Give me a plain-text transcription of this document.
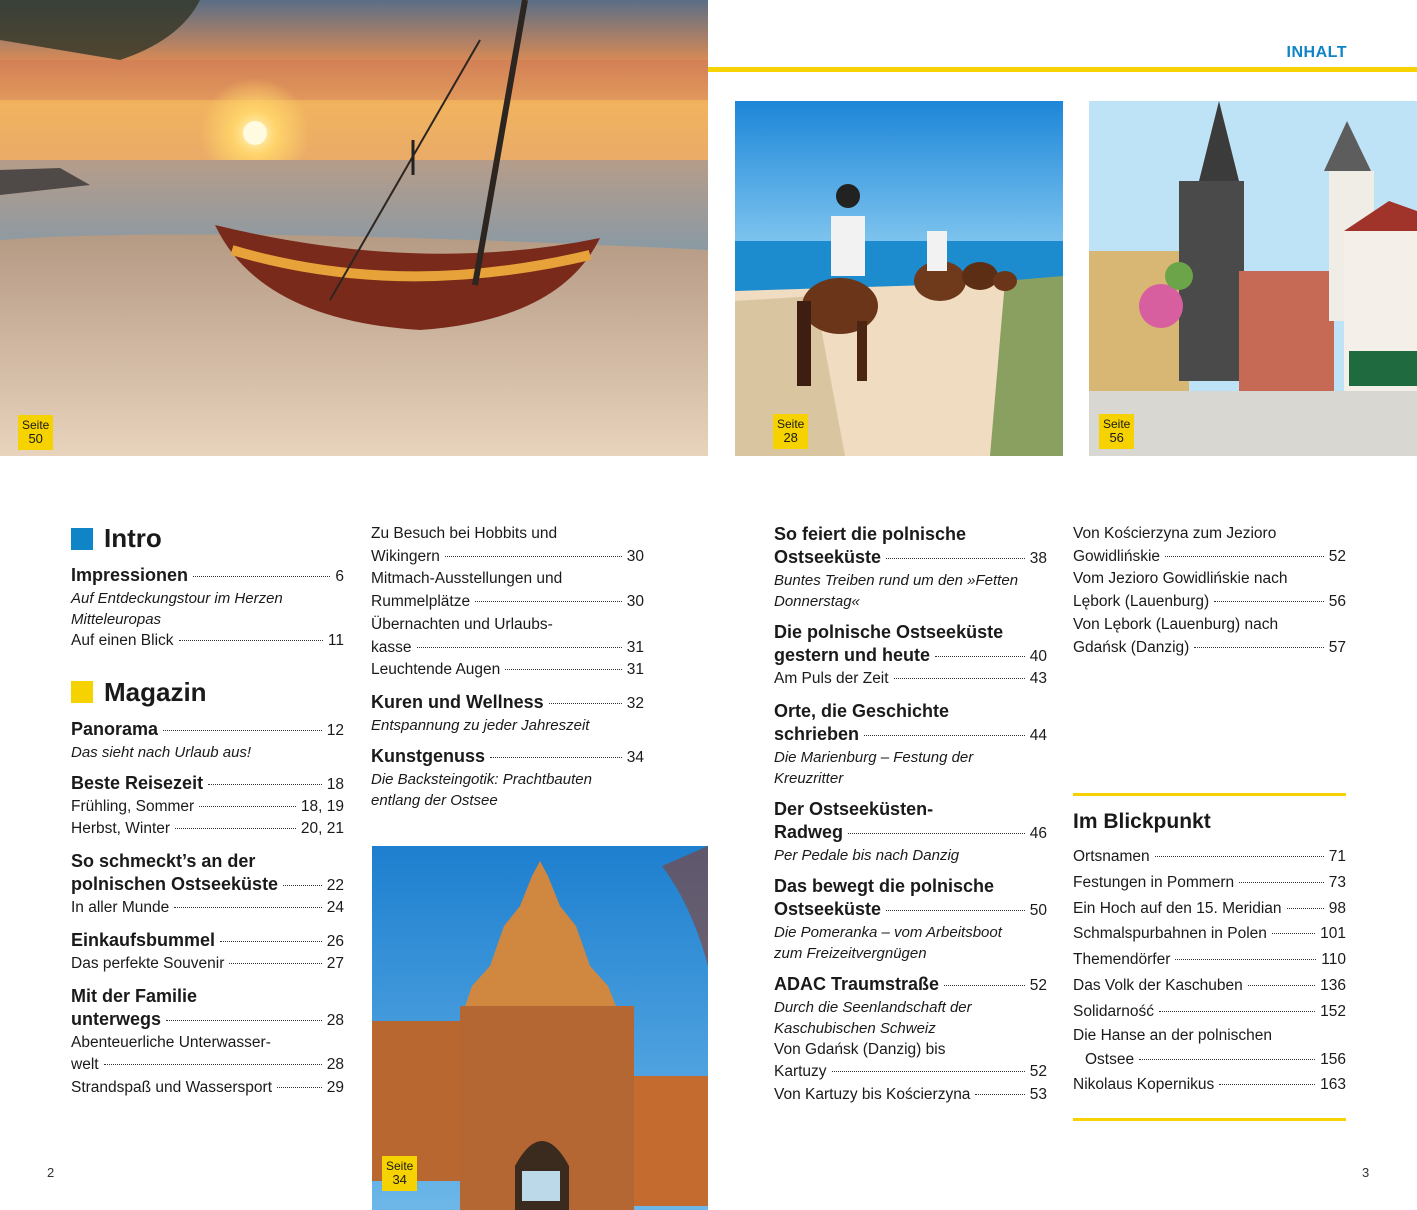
Seite
50
INHALT
Seite
28
Seite
56
Seite
34
Intro
Impressionen	6
Auf Entdeckungstour im Herzen Mitteleuropas
Auf einen Blick	11
Magazin
Panorama	12
Das sieht nach Urlaub aus!
Beste Reisezeit	18
Frühling, Sommer	18, 19
Herbst, Winter	20, 21
So schmeckt’s an der
polnischen Ostseeküste	22
In aller Munde	24
Einkaufsbummel	26
Das perfekte Souvenir	27
Mit der Familie
unterwegs	28
Abenteuerliche Unterwasser-
welt	28
Strandspaß und Wassersport	29
Zu Besuch bei Hobbits und
Wikingern	30
Mitmach-Ausstellungen und
Rummelplätze	30
Übernachten und Urlaubs-
kasse	31
Leuchtende Augen	31
Kuren und Wellness	32
Entspannung zu jeder Jahreszeit
Kunstgenuss	34
Die Backsteingotik: Prachtbauten
entlang der Ostsee
So feiert die polnische
Ostseeküste	38
Buntes Treiben rund um den »Fetten
Donnerstag«
Die polnische Ostseeküste
gestern und heute	40
Am Puls der Zeit	43
Orte, die Geschichte
schrieben	44
Die Marienburg – Festung der
Kreuzritter
Der Ostseeküsten-
Radweg	46
Per Pedale bis nach Danzig
Das bewegt die polnische
Ostseeküste	50
Die Pomeranka – vom Arbeitsboot
zum Freizeitvergnügen
ADAC Traumstraße	52
Durch die Seenlandschaft der
Kaschubischen Schweiz
Von Gdańsk (Danzig) bis
Kartuzy	52
Von Kartuzy bis Kościerzyna	53
Von Kościerzyna zum Jezioro
Gowidlińskie	52
Vom Jezioro Gowidlińskie nach
Lębork (Lauenburg)	56
Von Lębork (Lauenburg) nach
Gdańsk (Danzig)	57
Im Blickpunkt
Ortsnamen	71
Festungen in Pommern	73
Ein Hoch auf den 15. Meridian	98
Schmalspurbahnen in Polen	101
Themendörfer	110
Das Volk der Kaschuben	136
Solidarność	152
Die Hanse an der polnischen
Ostsee	156
Nikolaus Kopernikus	163
2	3
